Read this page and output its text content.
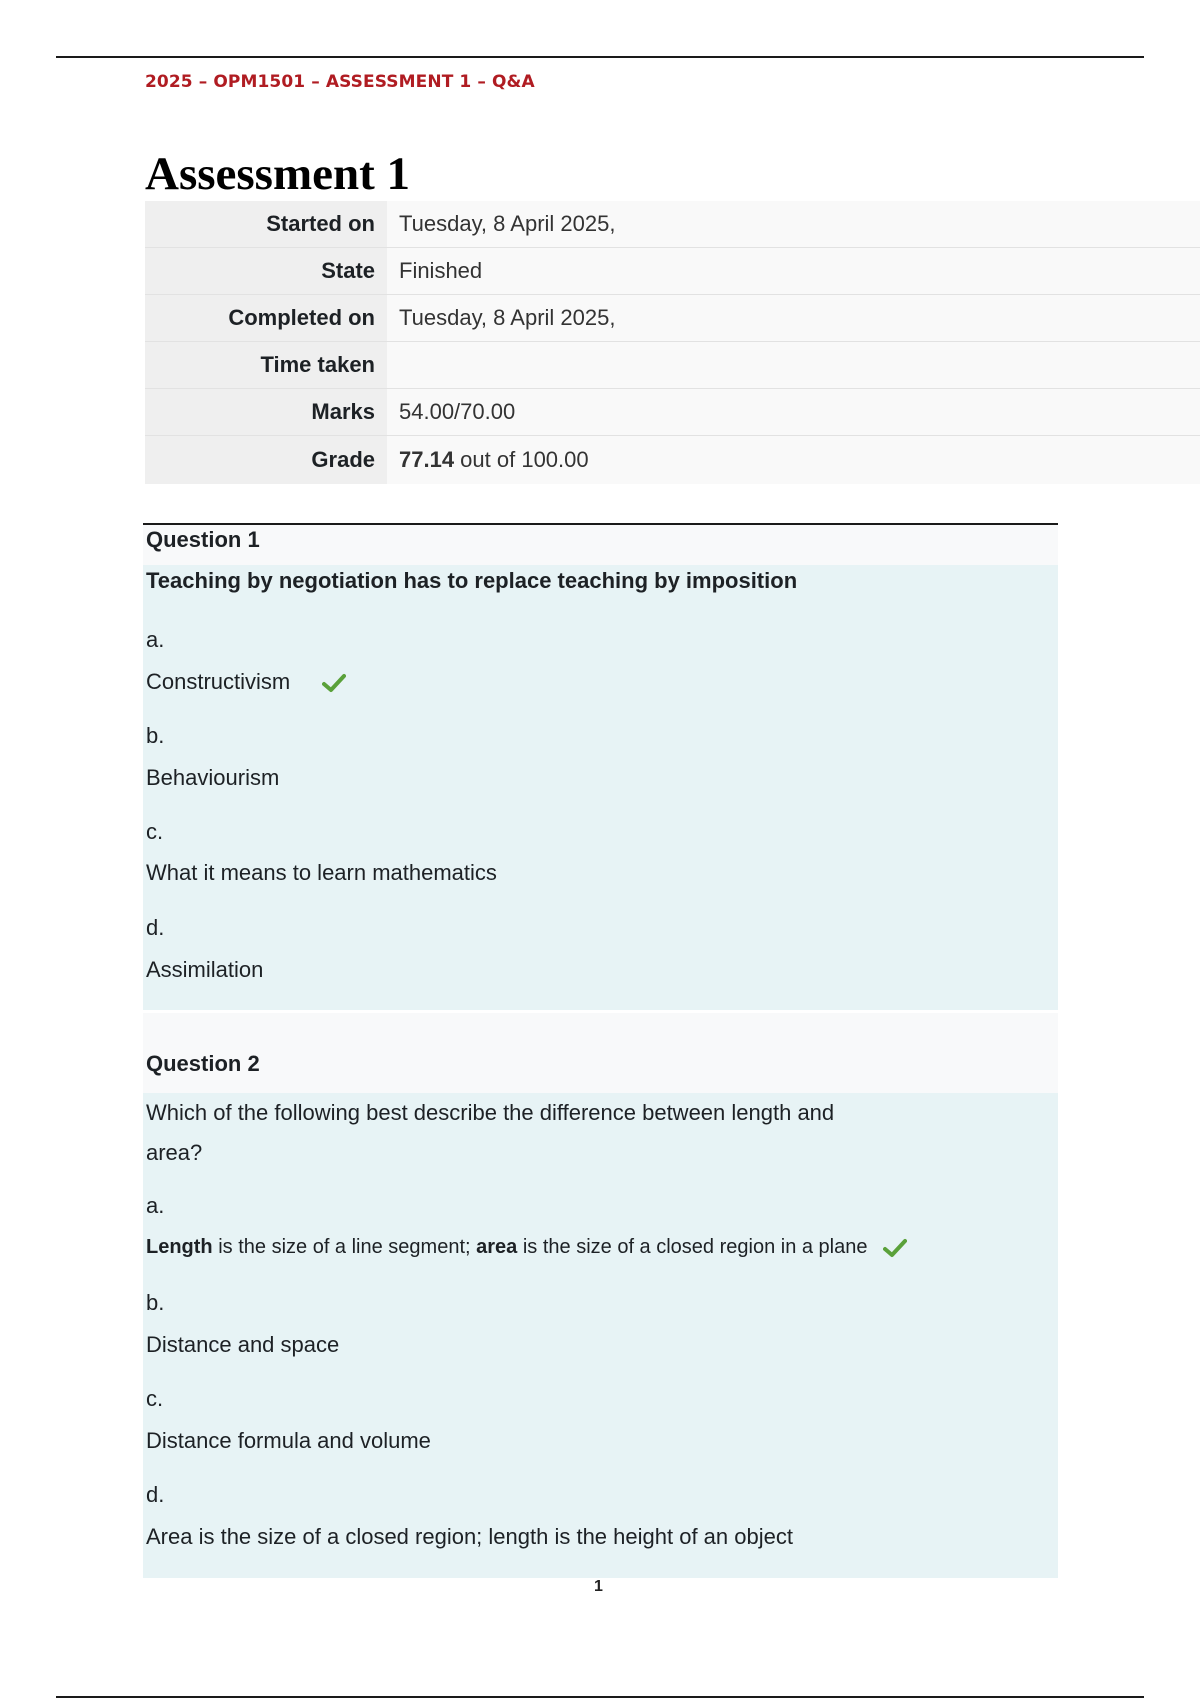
2025 – OPM1501 – ASSESSMENT 1 – Q&A
Assessment 1
Started on	Tuesday, 8 April 2025,
State	Finished
Completed on	Tuesday, 8 April 2025,
Time taken	
Marks	54.00/70.00
Grade	77.14 out of 100.00
Question 1
Teaching by negotiation has to replace teaching by imposition
a.
Constructivism
b.
Behaviourism
c.
What it means to learn mathematics
d.
Assimilation
Question 2
Which of the following best describe the difference between length and
area?
a.
Length is the size of a line segment; area is the size of a closed region in a plane
b.
Distance and space
c.
Distance formula and volume
d.
Area is the size of a closed region; length is the height of an object
1
